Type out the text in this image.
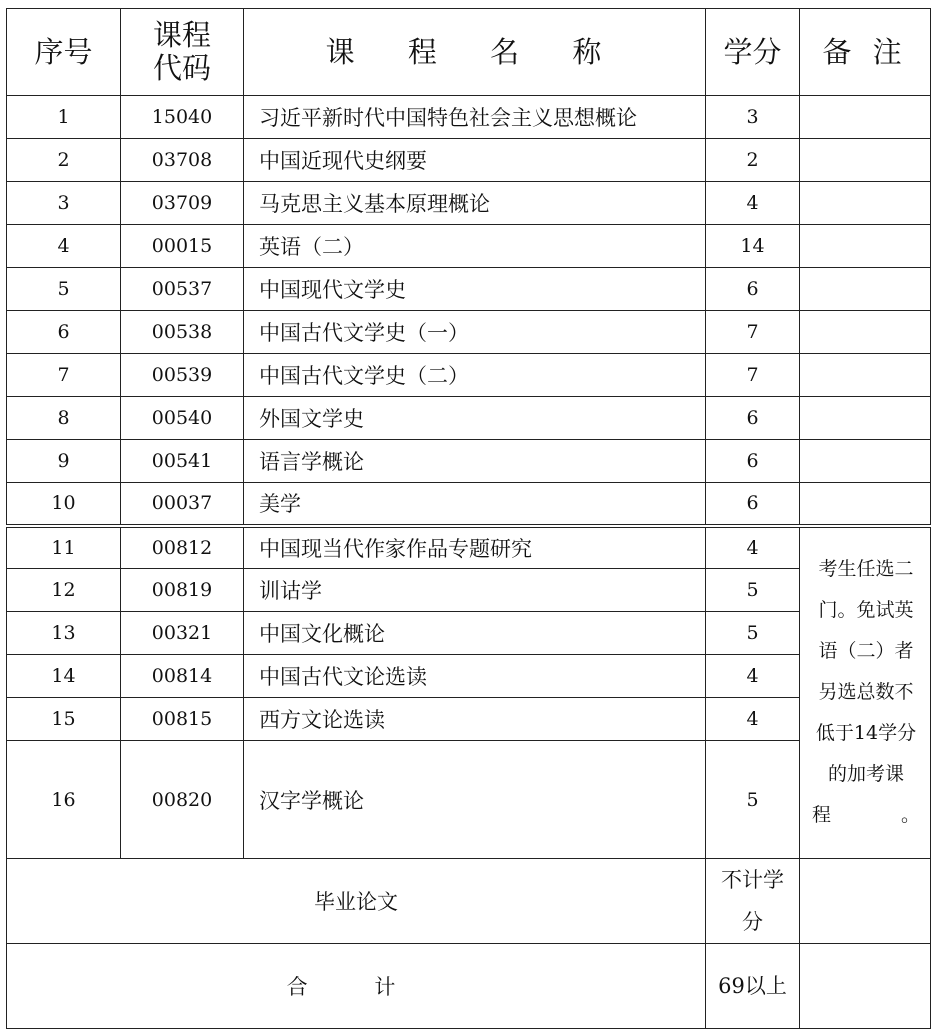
序号	课程代码	课 程 名 称	学分	备 注
1	15040	习近平新时代中国特色社会主义思想概论	3	
2	03708	中国近现代史纲要	2	
3	03709	马克思主义基本原理概论	4	
4	00015	英语（二）	14	
5	00537	中国现代文学史	6	
6	00538	中国古代文学史（一）	7	
7	00539	中国古代文学史（二）	7	
8	00540	外国文学史	6	
9	00541	语言学概论	6	
10	00037	美学	6	
11	00812	中国现当代作家作品专题研究	4	考生任选二门。免试英语（二）者另选总数不低于14学分的加考课程。
12	00819	训诂学	5	
13	00321	中国文化概论	5	
14	00814	中国古代文论选读	4	
15	00815	西方文论选读	4	
16	00820	汉字学概论	5	
毕业论文			不计学分	
合 计			69以上	
